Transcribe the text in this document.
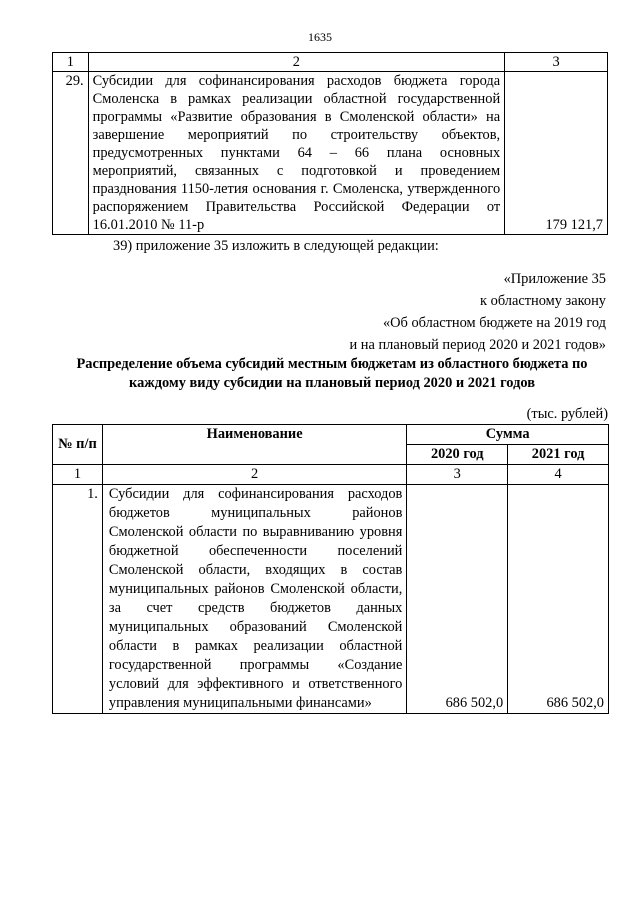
1635
1	2	3
29.	Субсидии для софинансирования расходов бюджета города Смоленска в рамках реализации областной государственной программы «Развитие образования в Смоленской области» на завершение мероприятий по строительству объектов, предусмотренных пунктами 64 – 66 плана основных мероприятий, связанных с подготовкой и проведением празднования 1150-летия основания г. Смоленска, утвержденного распоряжением Правительства Российской Федерации от 16.01.2010 № 11-р	179 121,7
39) приложение 35 изложить в следующей редакции:
«Приложение 35
к областному закону
«Об областном бюджете на 2019 год
и на плановый период 2020 и 2021 годов»
Распределение объема субсидий местным бюджетам из областного бюджета по каждому виду субсидии на плановый период 2020 и 2021 годов
(тыс. рублей)
№ п/п	Наименование	Сумма	
		2020 год	2021 год
1	2	3	4
1.	Субсидии для софинансирования расходов бюджетов муниципальных районов Смоленской области по выравниванию уровня бюджетной обеспеченности поселений Смоленской области, входящих в состав муниципальных районов Смоленской области, за счет средств бюджетов данных муниципальных образований Смоленской области в рамках реализации областной государственной программы «Создание условий для эффективного и ответственного управления муниципальными финансами»	686 502,0	686 502,0
